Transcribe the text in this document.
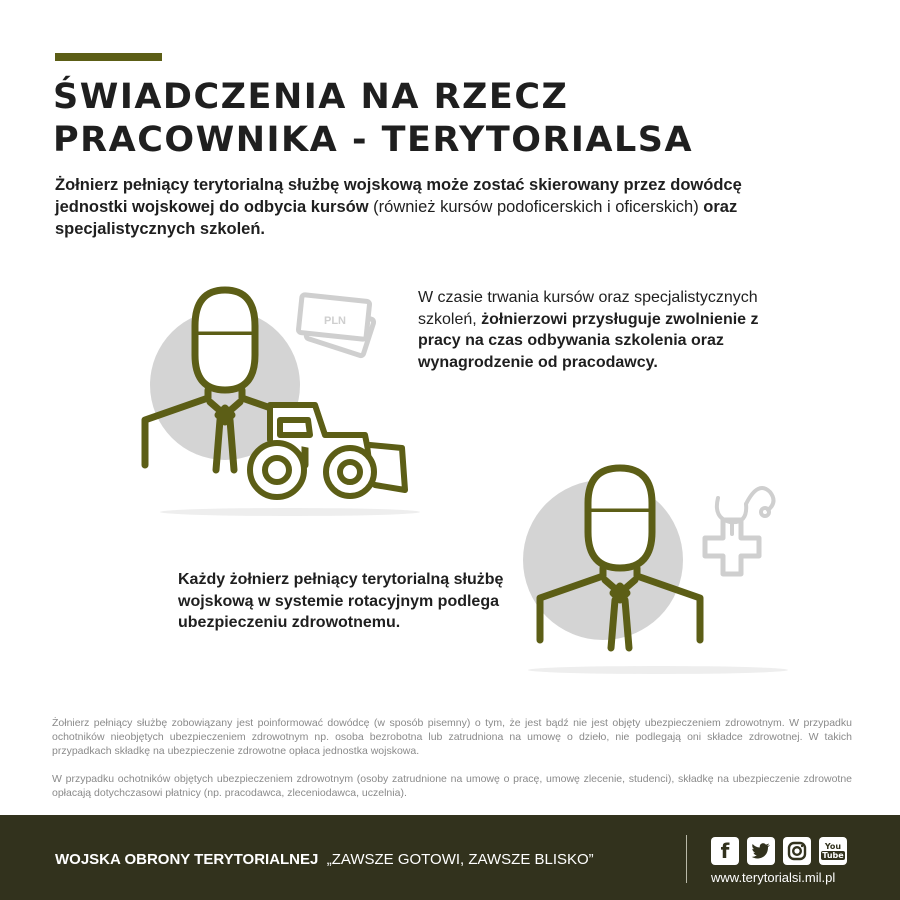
ŚWIADCZENIA NA RZECZ
PRACOWNIKA - TERYTORIALSA

Żołnierz pełniący terytorialną służbę wojskową może zostać skierowany przez dowódcę jednostki wojskowej do odbycia kursów (również kursów podoficerskich i oficerskich) oraz specjalistycznych szkoleń.

PLN

W czasie trwania kursów oraz specjalistycznych szkoleń, żołnierzowi przysługuje zwolnienie z pracy na czas odbywania szkolenia oraz wynagrodzenie od pracodawcy.

Każdy żołnierz pełniący terytorialną służbę wojskową w systemie rotacyjnym podlega ubezpieczeniu zdrowotnemu.

Żołnierz pełniący służbę zobowiązany jest poinformować dowódcę (w sposób pisemny) o tym, że jest bądź nie jest objęty ubezpieczeniem zdrowotnym. W przypadku ochotników nieobjętych ubezpieczeniem zdrowotnym np. osoba bezrobotna lub zatrudniona na umowę o dzieło, nie podlegają oni składce zdrowotnej. W takich przypadkach składkę na ubezpieczenie zdrowotne opłaca jednostka wojskowa.

W przypadku ochotników objętych ubezpieczeniem zdrowotnym (osoby zatrudnione na umowę o pracę, umowę zlecenie, studenci), składkę na ubezpieczenie zdrowotne opłacają dotychczasowi płatnicy (np. pracodawca, zleceniodawca, uczelnia).

WOJSKA OBRONY TERYTORIALNEJ „ZAWSZE GOTOWI, ZAWSZE BLISKO”	f	You
Tube
www.terytorialsi.mil.pl
